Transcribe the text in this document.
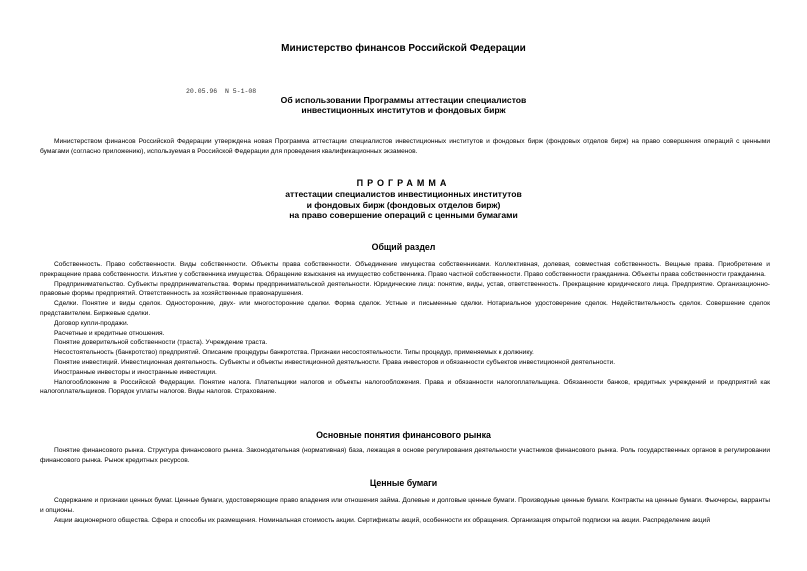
Министерство финансов Российской Федерации
20.05.96  N 5-1-08
Об использовании Программы аттестации специалистов
инвестиционных институтов и фондовых бирж

Министерством финансов Российской Федерации утверждена новая Программа аттестации специалистов инвестиционных институтов и фондовых бирж (фондовых отделов бирж) на право совершения операций с ценными бумагами (согласно приложению), используемая в Российской Федерации для проведения квалификационных экзаменов.

ПРОГРАММА
аттестации специалистов инвестиционных институтов
и фондовых бирж (фондовых отделов бирж)
на право совершение операций с ценными бумагами
Общий раздел

Собственность. Право собственности. Виды собственности. Объекты права собственности. Объединение имущества собственниками. Коллективная, долевая, совместная собственность. Вещные права. Приобретение и прекращение права собственности. Изъятие у собственника имущества. Обращение взыскания на имущество собственника. Право частной собственности. Право собственности гражданина. Объекты права собственности гражданина.

Предпринимательство. Субъекты предпринимательства. Формы предпринимательской деятельности. Юридические лица: понятие, виды, устав, ответственность. Прекращение юридического лица. Предприятие. Организационно-правовые формы предприятий. Ответственность за хозяйственные правонарушения.

Сделки. Понятие и виды сделок. Односторонние, двух- или многосторонние сделки. Форма сделок. Устные и письменные сделки. Нотариальное удостоверение сделок. Недействительность сделок. Совершение сделок представителем. Биржевые сделки.

Договор купли-продажи.

Расчетные и кредитные отношения.

Понятие доверительной собственности (траста). Учреждение траста.

Несостоятельность (банкротство) предприятий. Описание процедуры банкротства. Признаки несостоятельности. Типы процедур, применяемых к должнику.

Понятие инвестиций. Инвестиционная деятельность. Субъекты и объекты инвестиционной деятельности. Права инвесторов и обязанности субъектов инвестиционной деятельности.

Иностранные инвесторы и иностранные инвестиции.

Налогообложение в Российской Федерации. Понятие налога. Плательщики налогов и объекты налогообложения. Права и обязанности налогоплательщика. Обязанности банков, кредитных учреждений и предприятий как налогоплательщиков. Порядок уплаты налогов. Виды налогов. Страхование.

Основные понятия финансового рынка

Понятие финансового рынка. Структура финансового рынка. Законодательная (нормативная) база, лежащая в основе регулирования деятельности участников финансового рынка. Роль государственных органов в регулировании финансового рынка. Рынок кредитных ресурсов.

Ценные бумаги

Содержание и признаки ценных бумаг. Ценные бумаги, удостоверяющие право владения или отношения займа. Долевые и долговые ценные бумаги. Производные ценные бумаги. Контракты на ценные бумаги. Фьючерсы, варранты и опционы.

Акции акционерного общества. Сфера и способы их размещения. Номинальная стоимость акции. Сертификаты акций, особенности их обращения. Организация открытой подписки на акции. Распределение акций
